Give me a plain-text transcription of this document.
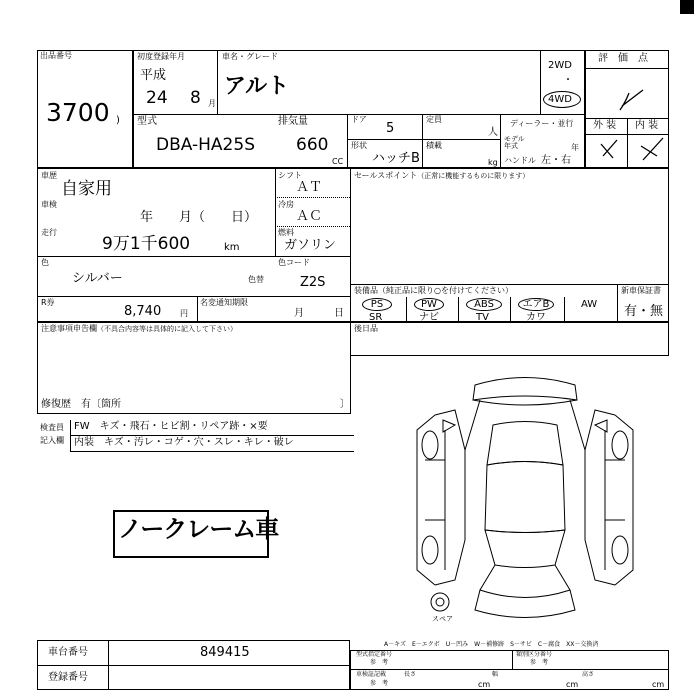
出品番号
3700 )
初度登録年月
平成
24 8 月
車名・グレード
アルト
2WD
・
4WD
型式
DBA-HA25S
排気量
660
CC
ドア
5
形状
ハッチB
定員
人
積載
kg
ディーラー・並行
モデル
年式	年
ハンドル 左・右
評　価　点
外 装 内 装
車歴
自家用
車検
年　　月（　　日）
走行
9万1千600	km
シフト
ＡＴ
冷房
ＡＣ
燃料
ガソリン
色
シルバー	色替
色コード
Z2S
R券
8,740 円
名変通知期限
月	日
セールスポイント（正常に機能するものに限ります）
装備品（純正品に限り○を付けてください）
PS	PW	ABS	エアB	AW
SR	ナビ	TV	カワ
新車保証書
有・無
注意事項申告欄（不具合内容等は具体的に記入して下さい）
修復歴　有〔箇所	〕
後日品
検査員
記入欄
FW　キズ・飛石・ヒビ割・リペア跡・×要
内装　キズ・汚レ・コゲ・穴・スレ・キレ・破レ
ノークレーム車
スペア
A－キズ　E－エクボ　U－凹み　W－補修跡　S－サビ　C－腐食　XX－交換済
車台番号	849415
登録番号
型式指定番号
参　考
類別区分番号
参　考
車検証記載
参　考
長さ
cm
幅
cm
高さ
cm
